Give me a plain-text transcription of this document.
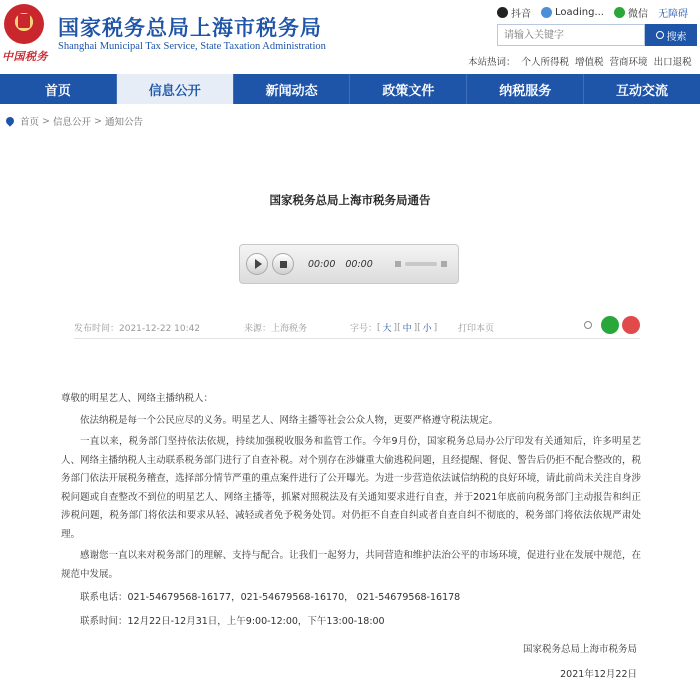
中国税务
国家税务总局上海市税务局
Shanghai Municipal Tax Service, State Taxation Administration
抖音 Loading... 微信 无障碍
请输入关键字
搜索
本站热词： 个人所得税 增值税 营商环境 出口退税
首页	信息公开	新闻动态	政策文件	纳税服务	互动交流
首页 > 信息公开 > 通知公告
国家税务总局上海市税务局通告
00:00 00:00
发布时间：2021-12-22 10:42	来源：上海税务	字号： [ 大 ] [ 中 ] [ 小 ] 打印本页

尊敬的明星艺人、网络主播纳税人：

依法纳税是每一个公民应尽的义务。明星艺人、网络主播等社会公众人物，更要严格遵守税法规定。

一直以来，税务部门坚持依法依规，持续加强税收服务和监管工作。今年9月份，国家税务总局办公厅印发有关通知后，许多明星艺人、网络主播纳税人主动联系税务部门进行了自查补税。对个别存在涉嫌重大偷逃税问题，且经提醒、督促、警告后仍拒不配合整改的，税务部门依法开展税务稽查，选择部分情节严重的重点案件进行了公开曝光。为进一步营造依法诚信纳税的良好环境，请此前尚未关注自身涉税问题或自查整改不到位的明星艺人、网络主播等，抓紧对照税法及有关通知要求进行自查，并于2021年底前向税务部门主动报告和纠正涉税问题，税务部门将依法和要求从轻、减轻或者免予税务处罚。对仍拒不自查自纠或者自查自纠不彻底的，税务部门将依法依规严肃处理。

感谢您一直以来对税务部门的理解、支持与配合。让我们一起努力，共同营造和维护法治公平的市场环境，促进行业在发展中规范，在规范中发展。

联系电话：021-54679568-16177，021-54679568-16170， 021-54679568-16178

联系时间：12月22日-12月31日，上午9:00-12:00，下午13:00-18:00

国家税务总局上海市税务局

2021年12月22日
